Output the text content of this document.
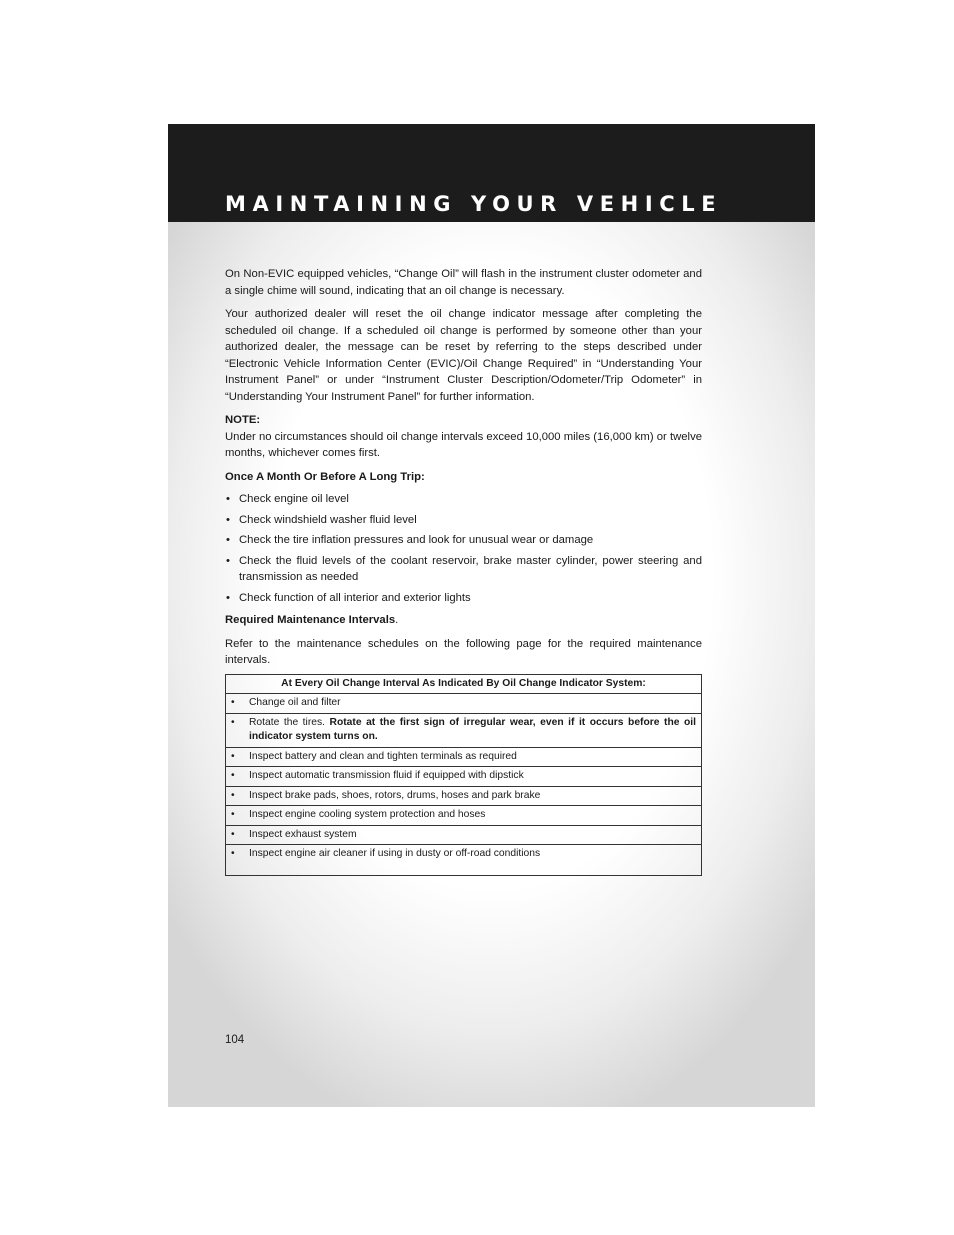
MAINTAINING YOUR VEHICLE

On Non-EVIC equipped vehicles, “Change Oil” will flash in the instrument cluster odometer and a single chime will sound, indicating that an oil change is necessary.

Your authorized dealer will reset the oil change indicator message after completing the scheduled oil change. If a scheduled oil change is performed by someone other than your authorized dealer, the message can be reset by referring to the steps described under “Electronic Vehicle Information Center (EVIC)/Oil Change Required” in “Understanding Your Instrument Panel” or under “Instrument Cluster Description/Odometer/Trip Odometer” in “Understanding Your Instrument Panel” for further information.

NOTE:

Under no circumstances should oil change intervals exceed 10,000 miles (16,000 km) or twelve months, whichever comes first.

Once A Month Or Before A Long Trip:

• Check engine oil level
• Check windshield washer fluid level
• Check the tire inflation pressures and look for unusual wear or damage
• Check the fluid levels of the coolant reservoir, brake master cylinder, power steering and transmission as needed
• Check function of all interior and exterior lights

Required Maintenance Intervals.

Refer to the maintenance schedules on the following page for the required maintenance intervals.

At Every Oil Change Interval As Indicated By Oil Change Indicator System:

•	Change oil and filter

•	Rotate the tires. Rotate at the first sign of irregular wear, even if it occurs before the oil indicator system turns on.

•	Inspect battery and clean and tighten terminals as required

•	Inspect automatic transmission fluid if equipped with dipstick

•	Inspect brake pads, shoes, rotors, drums, hoses and park brake

•	Inspect engine cooling system protection and hoses

•	Inspect exhaust system

•	Inspect engine air cleaner if using in dusty or off-road conditions
104
